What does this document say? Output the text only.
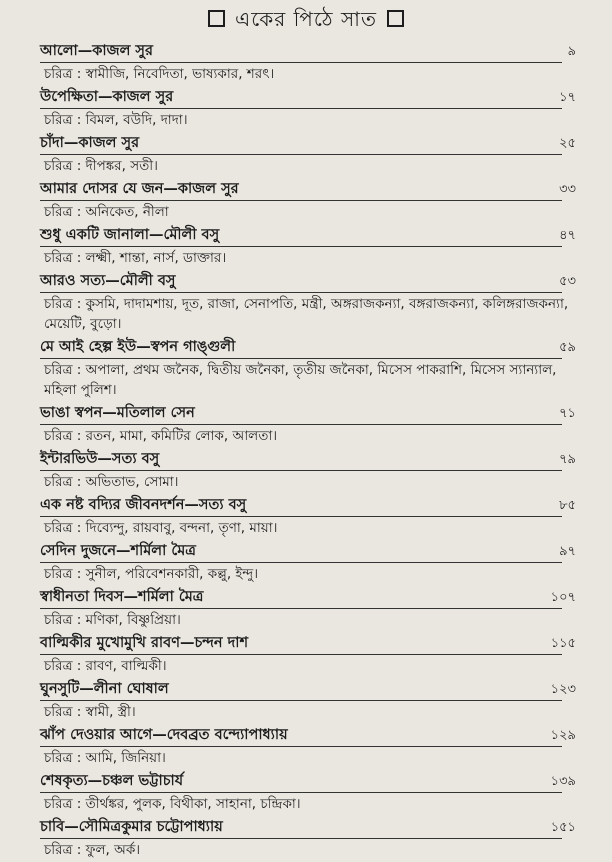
একের পিঠে সাত
আলো—কাজল সুর	৯
চরিত্র : স্বামীজি, নিবেদিতা, ভাষ্যকার, শরৎ।
উপেক্ষিতা—কাজল সুর	১৭
চরিত্র : বিমল, বউদি, দাদা।
চাঁদা—কাজল সুর	২৫
চরিত্র : দীপঙ্কর, সতী।
আমার দোসর যে জন—কাজল সুর	৩৩
চরিত্র : অনিকেত, নীলা
শুধু একটি জানালা—মৌলী বসু	৪৭
চরিত্র : লক্ষ্মী, শান্তা, নার্স, ডাক্তার।
আরও সত্য—মৌলী বসু	৫৩
চরিত্র : কুসমি, দাদামশায়, দূত, রাজা, সেনাপতি, মন্ত্রী, অঙ্গরাজকন্যা, বঙ্গরাজকন্যা, কলিঙ্গরাজকন্যা, মেয়েটি, বুড়ো।
মে আই হেল্প ইউ—স্বপন গাঙ্গুলী	৫৯
চরিত্র : অপালা, প্রথম জনৈক, দ্বিতীয় জনৈকা, তৃতীয় জনৈকা, মিসেস পাকরাশি, মিসেস স্যান্যাল, মহিলা পুলিশ।
ভাঙা স্বপন—মতিলাল সেন	৭১
চরিত্র : রতন, মামা, কমিটির লোক, আলতা।
ইন্টারভিউ—সত্য বসু	৭৯
চরিত্র : অভিতাভ, সোমা।
এক নষ্ট বদ্যির জীবনদর্শন—সত্য বসু	৮৫
চরিত্র : দিব্যেন্দু, রায়বাবু, বন্দনা, তৃণা, মায়া।
সেদিন দুজনে—শর্মিলা মৈত্র	৯৭
চরিত্র : সুনীল, পরিবেশনকারী, কল্লু, ইন্দু।
স্বাধীনতা দিবস—শর্মিলা মৈত্র	১০৭
চরিত্র : মণিকা, বিষ্ণুপ্রিয়া।
বাল্মিকীর মুখোমুখি রাবণ—চন্দন দাশ	১১৫
চরিত্র : রাবণ, বাল্মিকী।
ঘুনসুটি—লীনা ঘোষাল	১২৩
চরিত্র : স্বামী, স্ত্রী।
ঝাঁপ দেওয়ার আগে—দেবব্রত বন্দ্যোপাধ্যায়	১২৯
চরিত্র : আমি, জিনিয়া।
শেষকৃত্য—চঞ্চল ভট্টাচার্য	১৩৯
চরিত্র : তীর্থঙ্কর, পুলক, বিথীকা, সাহানা, চন্দ্রিকা।
চাবি—সৌমিত্রকুমার চট্টোপাধ্যায়	১৫১
চরিত্র : ফুল, অর্ক।
